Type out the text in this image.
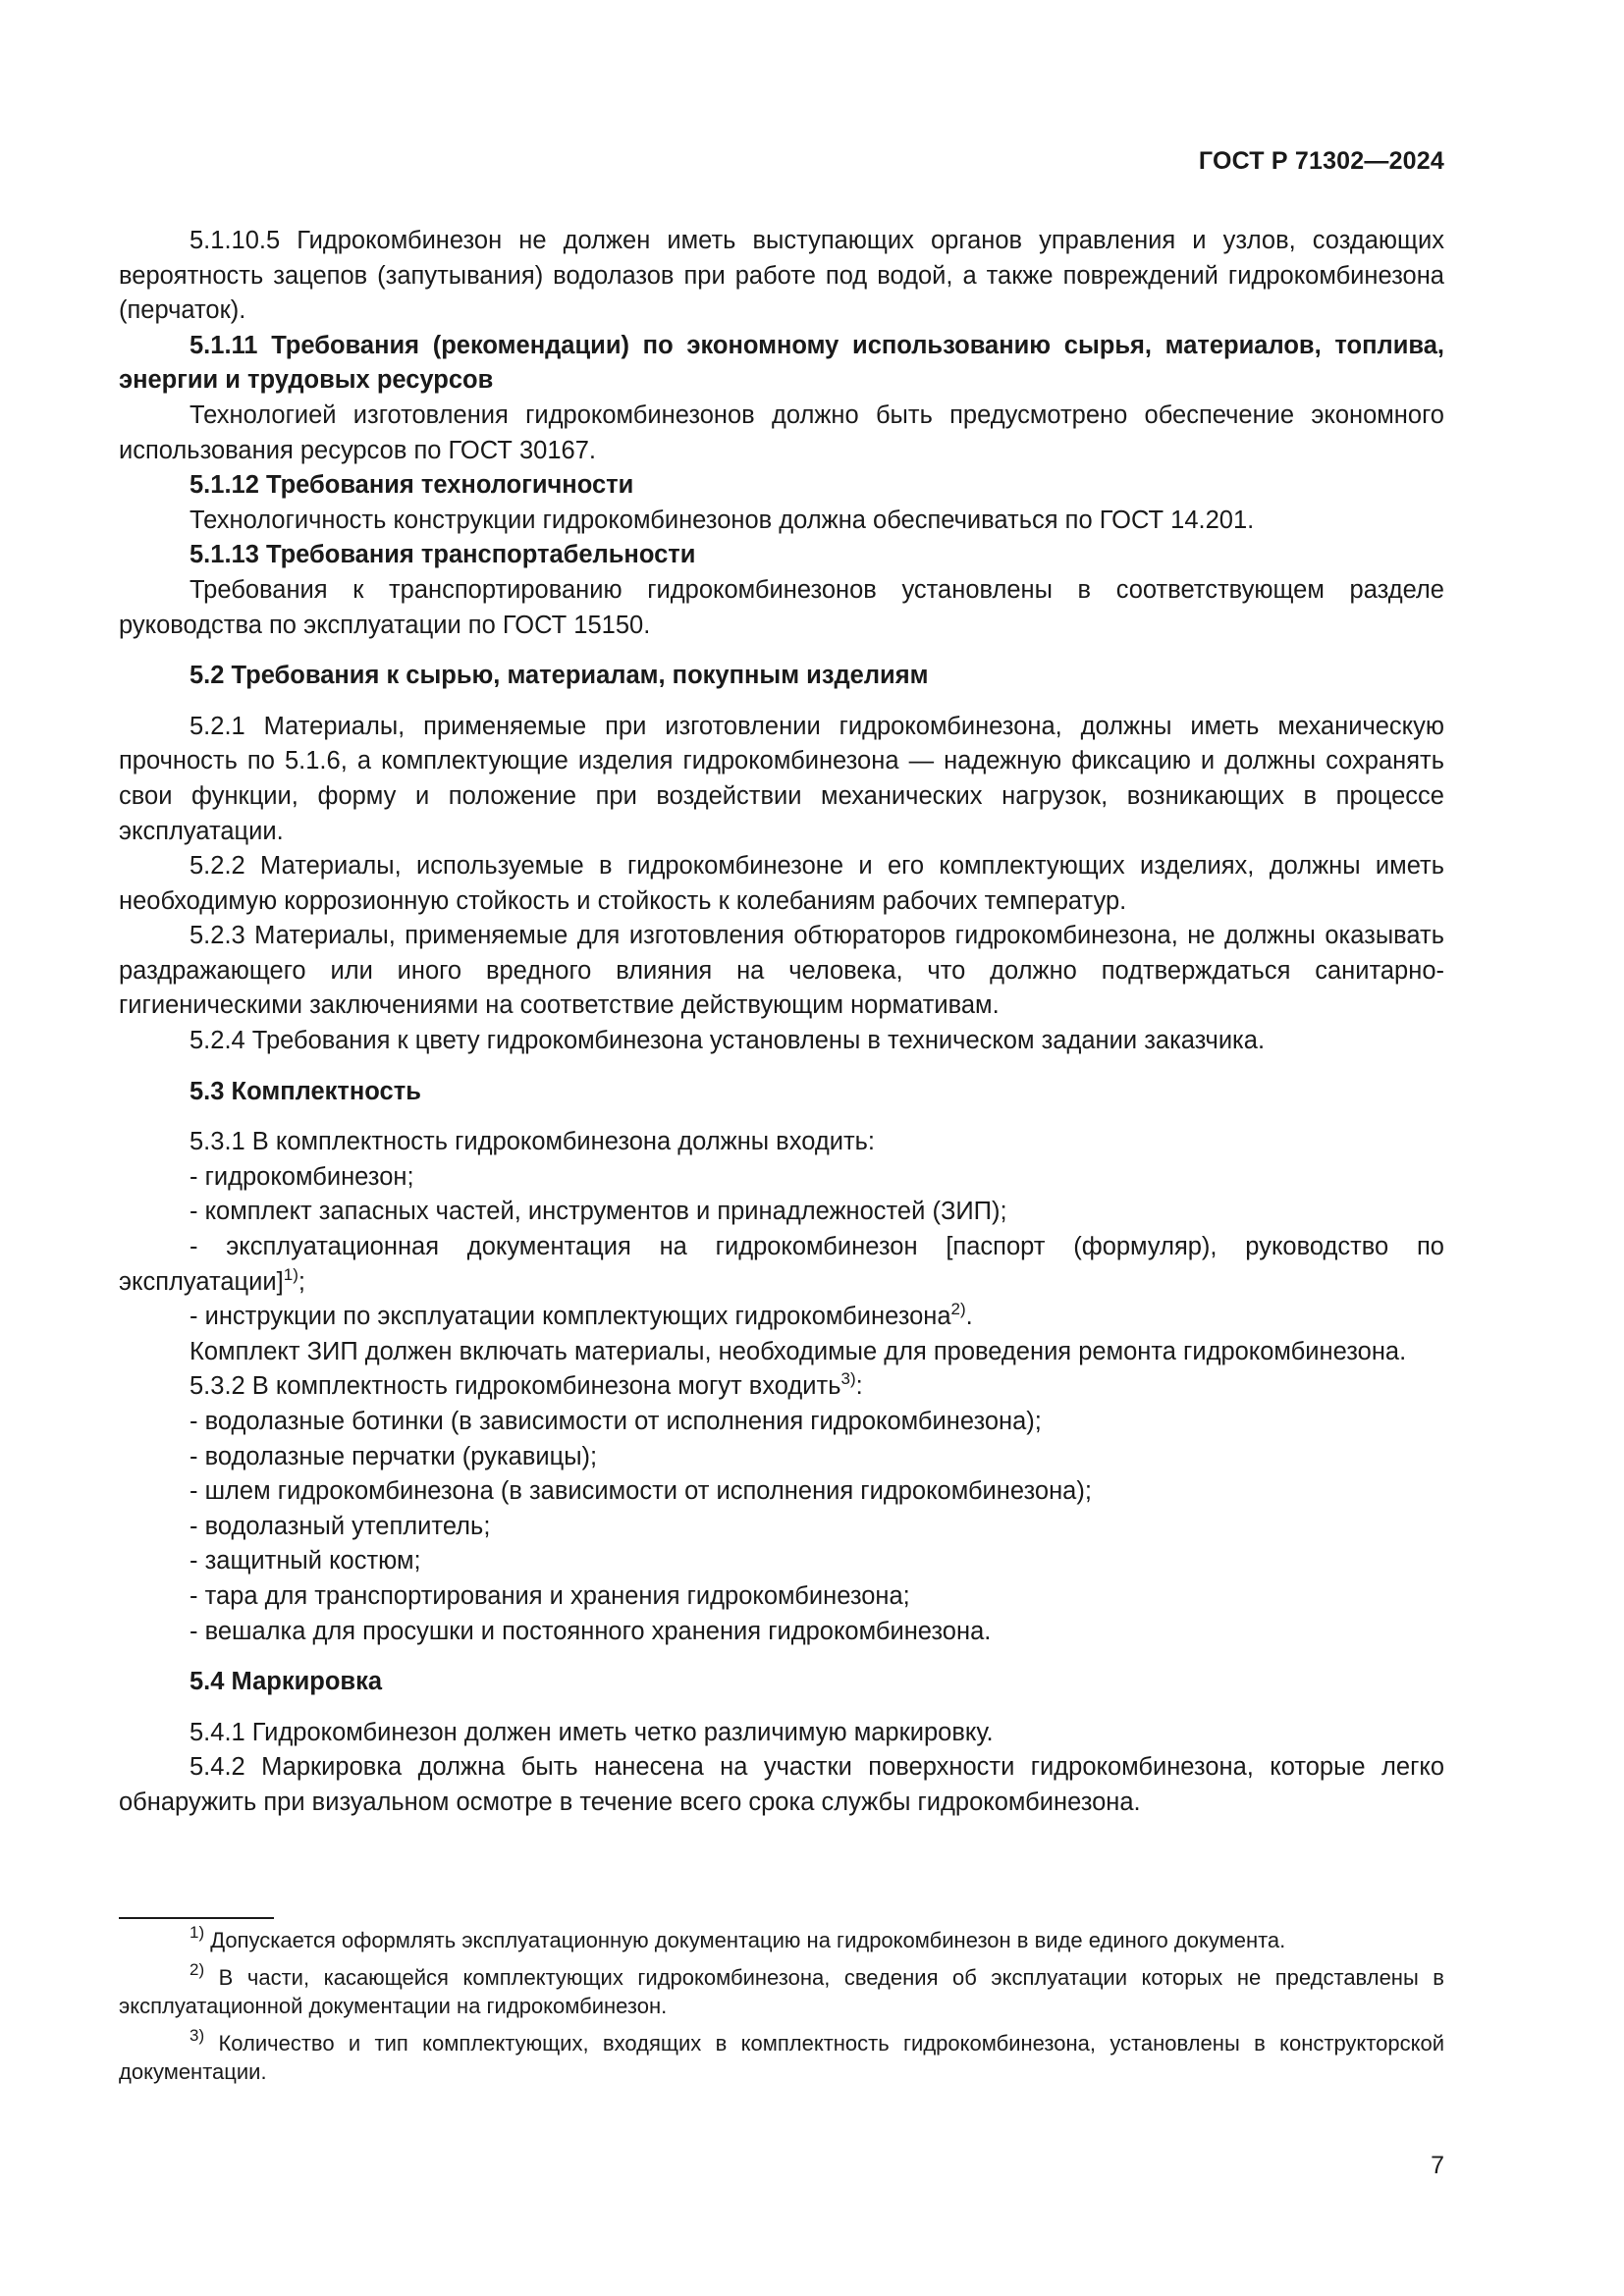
ГОСТ Р 71302—2024

5.1.10.5 Гидрокомбинезон не должен иметь выступающих органов управления и узлов, создающих вероятность зацепов (запутывания) водолазов при работе под водой, а также повреждений гидрокомбинезона (перчаток).

5.1.11 Требования (рекомендации) по экономному использованию сырья, материалов, топлива, энергии и трудовых ресурсов

Технологией изготовления гидрокомбинезонов должно быть предусмотрено обеспечение экономного использования ресурсов по ГОСТ 30167.

5.1.12 Требования технологичности

Технологичность конструкции гидрокомбинезонов должна обеспечиваться по ГОСТ 14.201.

5.1.13 Требования транспортабельности

Требования к транспортированию гидрокомбинезонов установлены в соответствующем разделе руководства по эксплуатации по ГОСТ 15150.

5.2 Требования к сырью, материалам, покупным изделиям

5.2.1 Материалы, применяемые при изготовлении гидрокомбинезона, должны иметь механическую прочность по 5.1.6, а комплектующие изделия гидрокомбинезона — надежную фиксацию и должны сохранять свои функции, форму и положение при воздействии механических нагрузок, возникающих в процессе эксплуатации.

5.2.2 Материалы, используемые в гидрокомбинезоне и его комплектующих изделиях, должны иметь необходимую коррозионную стойкость и стойкость к колебаниям рабочих температур.

5.2.3 Материалы, применяемые для изготовления обтюраторов гидрокомбинезона, не должны оказывать раздражающего или иного вредного влияния на человека, что должно подтверждаться санитарно-гигиеническими заключениями на соответствие действующим нормативам.

5.2.4 Требования к цвету гидрокомбинезона установлены в техническом задании заказчика.

5.3 Комплектность

5.3.1 В комплектность гидрокомбинезона должны входить:

- гидрокомбинезон;

- комплект запасных частей, инструментов и принадлежностей (ЗИП);

- эксплуатационная документация на гидрокомбинезон [паспорт (формуляр), руководство по эксплуатации]$^{1)}$;

- инструкции по эксплуатации комплектующих гидрокомбинезона$^{2)}$.

Комплект ЗИП должен включать материалы, необходимые для проведения ремонта гидрокомбинезона.

5.3.2 В комплектность гидрокомбинезона могут входить$^{3)}$:

- водолазные ботинки (в зависимости от исполнения гидрокомбинезона);

- водолазные перчатки (рукавицы);

- шлем гидрокомбинезона (в зависимости от исполнения гидрокомбинезона);

- водолазный утеплитель;

- защитный костюм;

- тара для транспортирования и хранения гидрокомбинезона;

- вешалка для просушки и постоянного хранения гидрокомбинезона.

5.4 Маркировка

5.4.1 Гидрокомбинезон должен иметь четко различимую маркировку.

5.4.2 Маркировка должна быть нанесена на участки поверхности гидрокомбинезона, которые легко обнаружить при визуальном осмотре в течение всего срока службы гидрокомбинезона.

$^{1)}$ Допускается оформлять эксплуатационную документацию на гидрокомбинезон в виде единого документа.

$^{2)}$ В части, касающейся комплектующих гидрокомбинезона, сведения об эксплуатации которых не представлены в эксплуатационной документации на гидрокомбинезон.

$^{3)}$ Количество и тип комплектующих, входящих в комплектность гидрокомбинезона, установлены в конструкторской документации.

7
